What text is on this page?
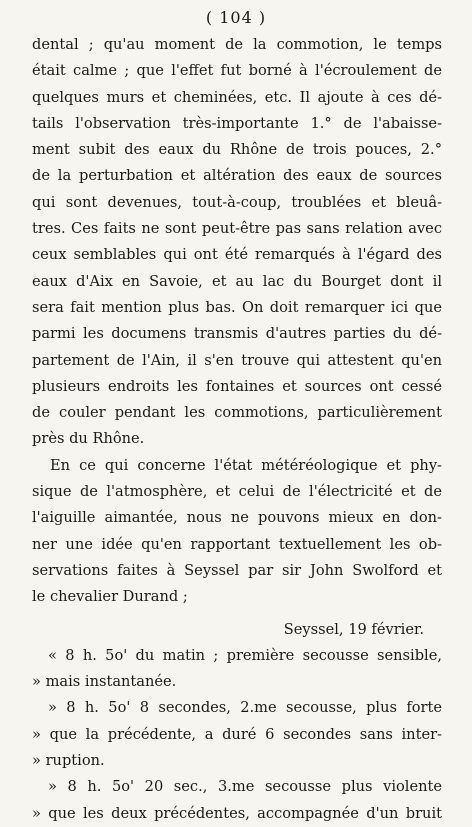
( 104 )
dental ; qu'au moment de la commotion, le temps
était calme ; que l'effet fut borné à l'écroulement de
quelques murs et cheminées, etc. Il ajoute à ces dé-
tails l'observation très-importante 1.° de l'abaisse-
ment subit des eaux du Rhône de trois pouces, 2.°
de la perturbation et altération des eaux de sources
qui sont devenues, tout-à-coup, troublées et bleuâ-
tres. Ces faits ne sont peut-être pas sans relation avec
ceux semblables qui ont été remarqués à l'égard des
eaux d'Aix en Savoie, et au lac du Bourget dont il
sera fait mention plus bas. On doit remarquer ici que
parmi les documens transmis d'autres parties du dé-
partement de l'Ain, il s'en trouve qui attestent qu'en
plusieurs endroits les fontaines et sources ont cessé
de couler pendant les commotions, particulièrement
près du Rhône.
En ce qui concerne l'état météréologique et phy-
sique de l'atmosphère, et celui de l'électricité et de
l'aiguille aimantée, nous ne pouvons mieux en don-
ner une idée qu'en rapportant textuellement les ob-
servations faites à Seyssel par sir John Swolford et
le chevalier Durand ;
Seyssel, 19 février.
« 8 h. 5o' du matin ; première secousse sensible,
» mais instantanée.
» 8 h. 5o' 8 secondes, 2.me secousse, plus forte
» que la précédente, a duré 6 secondes sans inter-
» ruption.
» 8 h. 5o' 20 sec., 3.me secousse plus violente
» que les deux précédentes, accompagnée d'un bruit
